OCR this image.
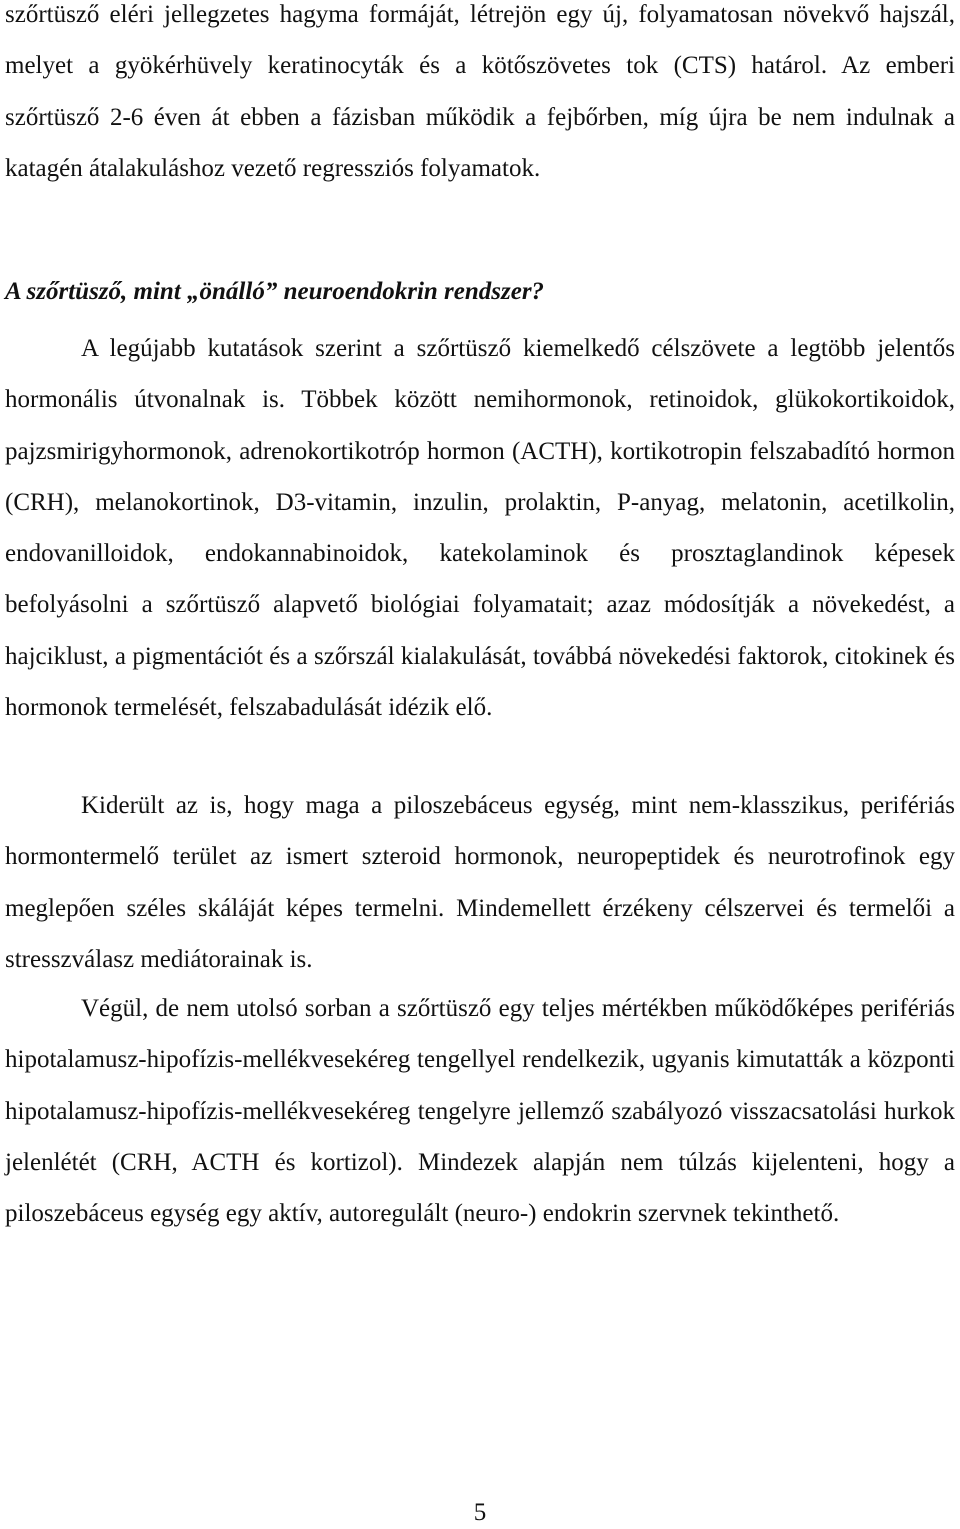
szőrtüsző eléri jellegzetes hagyma formáját, létrejön egy új, folyamatosan növekvő hajszál, melyet a gyökérhüvely keratinocyták és a kötőszövetes tok (CTS) határol. Az emberi szőrtüsző 2-6 éven át ebben a fázisban működik a fejbőrben, míg újra be nem indulnak a katagén átalakuláshoz vezető regressziós folyamatok.

A szőrtüsző, mint „önálló” neuroendokrin rendszer?

A legújabb kutatások szerint a szőrtüsző kiemelkedő célszövete a legtöbb jelentős hormonális útvonalnak is. Többek között nemihormonok, retinoidok, glükokortikoidok, pajzsmirigyhormonok, adrenokortikotróp hormon (ACTH), kortikotropin felszabadító hormon (CRH), melanokortinok, D3-vitamin, inzulin, prolaktin, P-anyag, melatonin, acetilkolin, endovanilloidok, endokannabinoidok, katekolaminok és prosztaglandinok képesek befolyásolni a szőrtüsző alapvető biológiai folyamatait; azaz módosítják a növekedést, a hajciklust, a pigmentációt és a szőrszál kialakulását, továbbá növekedési faktorok, citokinek és hormonok termelését, felszabadulását idézik elő.

Kiderült az is, hogy maga a piloszebáceus egység, mint nem-klasszikus, perifériás hormontermelő terület az ismert szteroid hormonok, neuropeptidek és neurotrofinok egy meglepően széles skáláját képes termelni. Mindemellett érzékeny célszervei és termelői a stresszválasz mediátorainak is.

Végül, de nem utolsó sorban a szőrtüsző egy teljes mértékben működőképes perifériás hipotalamusz-hipofízis-mellékvesekéreg tengellyel rendelkezik, ugyanis kimutatták a központi hipotalamusz-hipofízis-mellékvesekéreg tengelyre jellemző szabályozó visszacsatolási hurkok jelenlétét (CRH, ACTH és kortizol). Mindezek alapján nem túlzás kijelenteni, hogy a piloszebáceus egység egy aktív, autoregulált (neuro-) endokrin szervnek tekinthető.

5
